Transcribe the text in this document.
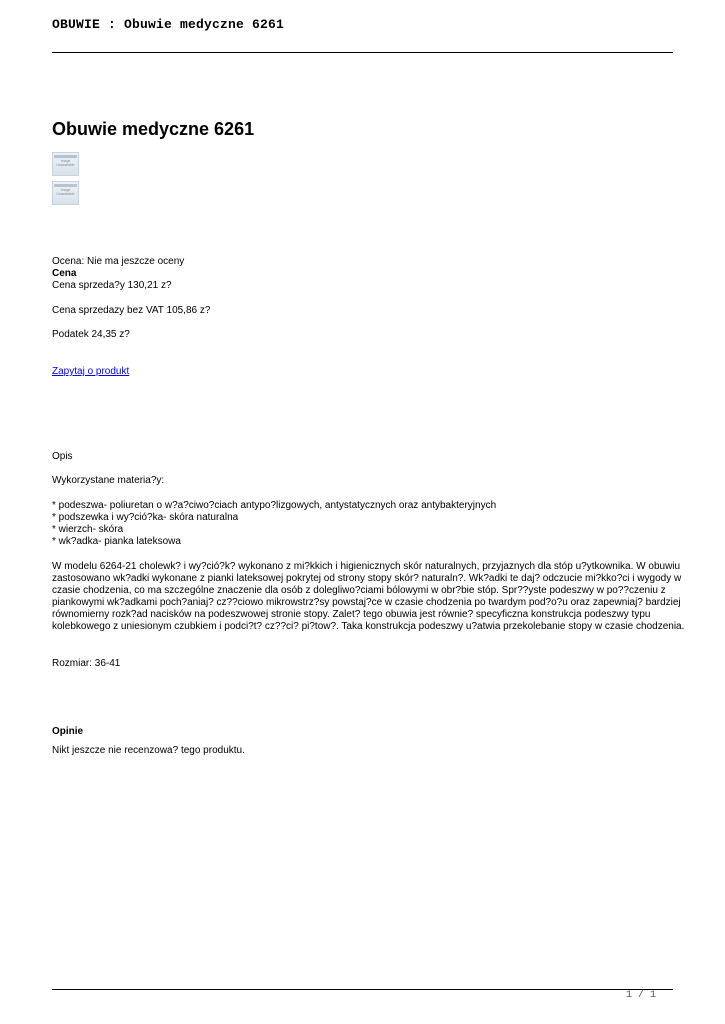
OBUWIE : Obuwie medyczne 6261
Obuwie medyczne 6261
Image
Unavailable
Image
Unavailable
Ocena: Nie ma jeszcze oceny
Cena
Cena sprzeda?y 130,21 z?
Cena sprzedazy bez VAT 105,86 z?
Podatek 24,35 z?
Zapytaj o produkt
Opis
Wykorzystane materia?y:
* podeszwa- poliuretan o w?a?ciwo?ciach antypo?lizgowych, antystatycznych oraz antybakteryjnych
* podszewka i wy?ció?ka- skóra naturalna
* wierzch- skóra
* wk?adka- pianka lateksowa
W modelu 6264-21 cholewk? i wy?ció?k? wykonano z mi?kkich i higienicznych skór naturalnych, przyjaznych dla stóp u?ytkownika. W obuwiu
zastosowano wk?adki wykonane z pianki lateksowej pokrytej od strony stopy skór? naturaln?. Wk?adki te daj? odczucie mi?kko?ci i wygody w
czasie chodzenia, co ma szczególne znaczenie dla osób z dolegliwo?ciami bólowymi w obr?bie stóp. Spr??yste podeszwy w po??czeniu z
piankowymi wk?adkami poch?aniaj? cz??ciowo mikrowstrz?sy powstaj?ce w czasie chodzenia po twardym pod?o?u oraz zapewniaj? bardziej
równomierny rozk?ad nacisków na podeszwowej stronie stopy. Zalet? tego obuwia jest równie? specyficzna konstrukcja podeszwy typu
kolebkowego z uniesionym czubkiem i podci?t? cz??ci? pi?tow?. Taka konstrukcja podeszwy u?atwia przekolebanie stopy w czasie chodzenia.
Rozmiar: 36-41
Opinie
Nikt jeszcze nie recenzowa? tego produktu.
1 / 1
